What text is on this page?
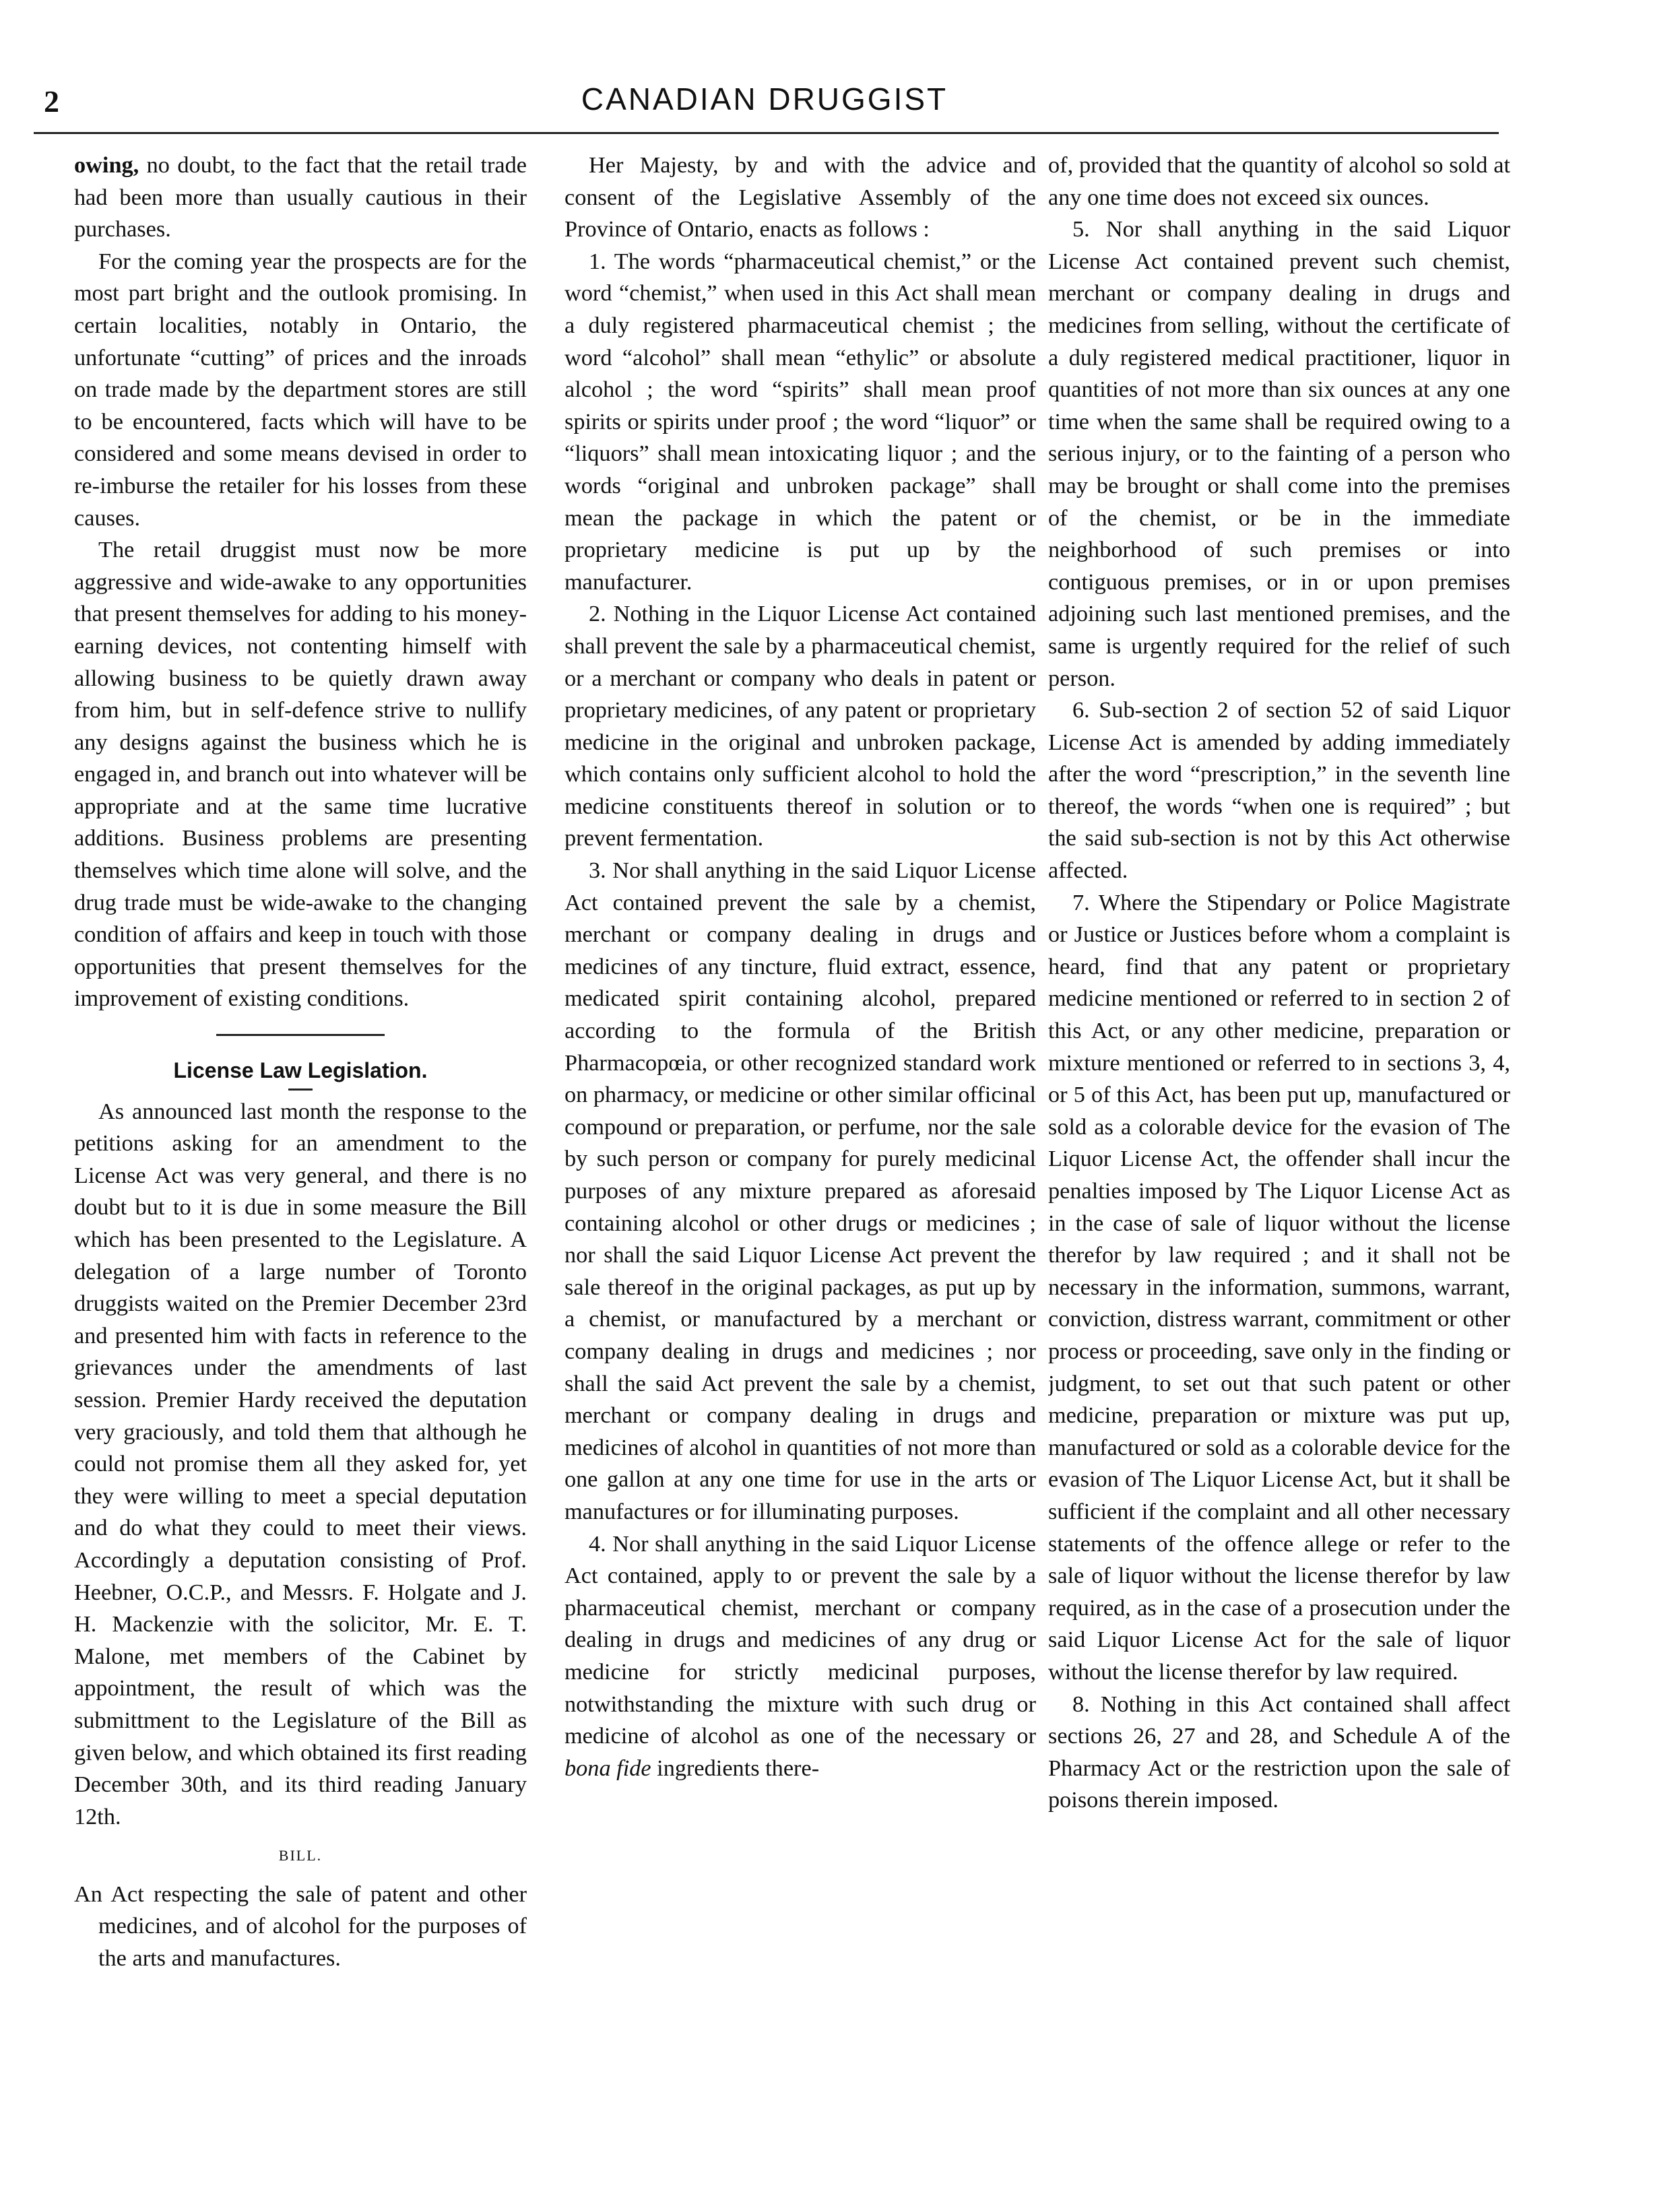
2	CANADIAN DRUGGIST

owing, no doubt, to the fact that the retail trade had been more than usually cautious in their purchases.

For the coming year the prospects are for the most part bright and the outlook promising. In certain localities, notably in Ontario, the unfortunate “cutting” of prices and the inroads on trade made by the department stores are still to be encountered, facts which will have to be considered and some means devised in order to re-imburse the retailer for his losses from these causes.

The retail druggist must now be more aggressive and wide-awake to any opportunities that present themselves for adding to his money-earning devices, not contenting himself with allowing business to be quietly drawn away from him, but in self-defence strive to nullify any designs against the business which he is engaged in, and branch out into whatever will be appropriate and at the same time lucrative additions. Business problems are presenting themselves which time alone will solve, and the drug trade must be wide-awake to the changing condition of affairs and keep in touch with those opportunities that present themselves for the improvement of existing conditions.

License Law Legislation.

As announced last month the response to the petitions asking for an amendment to the License Act was very general, and there is no doubt but to it is due in some measure the Bill which has been presented to the Legislature. A delegation of a large number of Toronto druggists waited on the Premier December 23rd and presented him with facts in reference to the grievances under the amendments of last session. Premier Hardy received the deputation very graciously, and told them that although he could not promise them all they asked for, yet they were willing to meet a special deputation and do what they could to meet their views. Accordingly a deputation consisting of Prof. Heebner, O.C.P., and Messrs. F. Holgate and J. H. Mackenzie with the solicitor, Mr. E. T. Malone, met members of the Cabinet by appointment, the result of which was the submittment to the Legislature of the Bill as given below, and which obtained its first reading December 30th, and its third reading January 12th.

BILL.

An Act respecting the sale of patent and other medicines, and of alcohol for the purposes of the arts and manufactures.

Her Majesty, by and with the advice and consent of the Legislative Assembly of the Province of Ontario, enacts as follows :

1. The words “pharmaceutical chemist,” or the word “chemist,” when used in this Act shall mean a duly registered pharmaceutical chemist ; the word “alcohol” shall mean “ethylic” or absolute alcohol ; the word “spirits” shall mean proof spirits or spirits under proof ; the word “liquor” or “liquors” shall mean intoxicating liquor ; and the words “original and unbroken package” shall mean the package in which the patent or proprietary medicine is put up by the manufacturer.

2. Nothing in the Liquor License Act contained shall prevent the sale by a pharmaceutical chemist, or a merchant or company who deals in patent or proprietary medicines, of any patent or proprietary medicine in the original and unbroken package, which contains only sufficient alcohol to hold the medicine constituents thereof in solution or to prevent fermentation.

3. Nor shall anything in the said Liquor License Act contained prevent the sale by a chemist, merchant or company dealing in drugs and medicines of any tincture, fluid extract, essence, medicated spirit containing alcohol, prepared according to the formula of the British Pharmacopœia, or other recognized standard work on pharmacy, or medicine or other similar officinal compound or preparation, or perfume, nor the sale by such person or company for purely medicinal purposes of any mixture prepared as aforesaid containing alcohol or other drugs or medicines ; nor shall the said Liquor License Act prevent the sale thereof in the original packages, as put up by a chemist, or manufactured by a merchant or company dealing in drugs and medicines ; nor shall the said Act prevent the sale by a chemist, merchant or company dealing in drugs and medicines of alcohol in quantities of not more than one gallon at any one time for use in the arts or manufactures or for illuminating purposes.

4. Nor shall anything in the said Liquor License Act contained, apply to or prevent the sale by a pharmaceutical chemist, merchant or company dealing in drugs and medicines of any drug or medicine for strictly medicinal purposes, notwithstanding the mixture with such drug or medicine of alcohol as one of the necessary or bona fide ingredients there-

of, provided that the quantity of alcohol so sold at any one time does not exceed six ounces.

5. Nor shall anything in the said Liquor License Act contained prevent such chemist, merchant or company dealing in drugs and medicines from selling, without the certificate of a duly registered medical practitioner, liquor in quantities of not more than six ounces at any one time when the same shall be required owing to a serious injury, or to the fainting of a person who may be brought or shall come into the premises of the chemist, or be in the immediate neighborhood of such premises or into contiguous premises, or in or upon premises adjoining such last mentioned premises, and the same is urgently required for the relief of such person.

6. Sub-section 2 of section 52 of said Liquor License Act is amended by adding immediately after the word “prescription,” in the seventh line thereof, the words “when one is required” ; but the said sub-section is not by this Act otherwise affected.

7. Where the Stipendary or Police Magistrate or Justice or Justices before whom a complaint is heard, find that any patent or proprietary medicine mentioned or referred to in section 2 of this Act, or any other medicine, preparation or mixture mentioned or referred to in sections 3, 4, or 5 of this Act, has been put up, manufactured or sold as a colorable device for the evasion of The Liquor License Act, the offender shall incur the penalties imposed by The Liquor License Act as in the case of sale of liquor without the license therefor by law required ; and it shall not be necessary in the information, summons, warrant, conviction, distress warrant, commitment or other process or proceeding, save only in the finding or judgment, to set out that such patent or other medicine, preparation or mixture was put up, manufactured or sold as a colorable device for the evasion of The Liquor License Act, but it shall be sufficient if the complaint and all other necessary statements of the offence allege or refer to the sale of liquor without the license therefor by law required, as in the case of a prosecution under the said Liquor License Act for the sale of liquor without the license therefor by law required.

8. Nothing in this Act contained shall affect sections 26, 27 and 28, and Schedule A of the Pharmacy Act or the restriction upon the sale of poisons therein imposed.
